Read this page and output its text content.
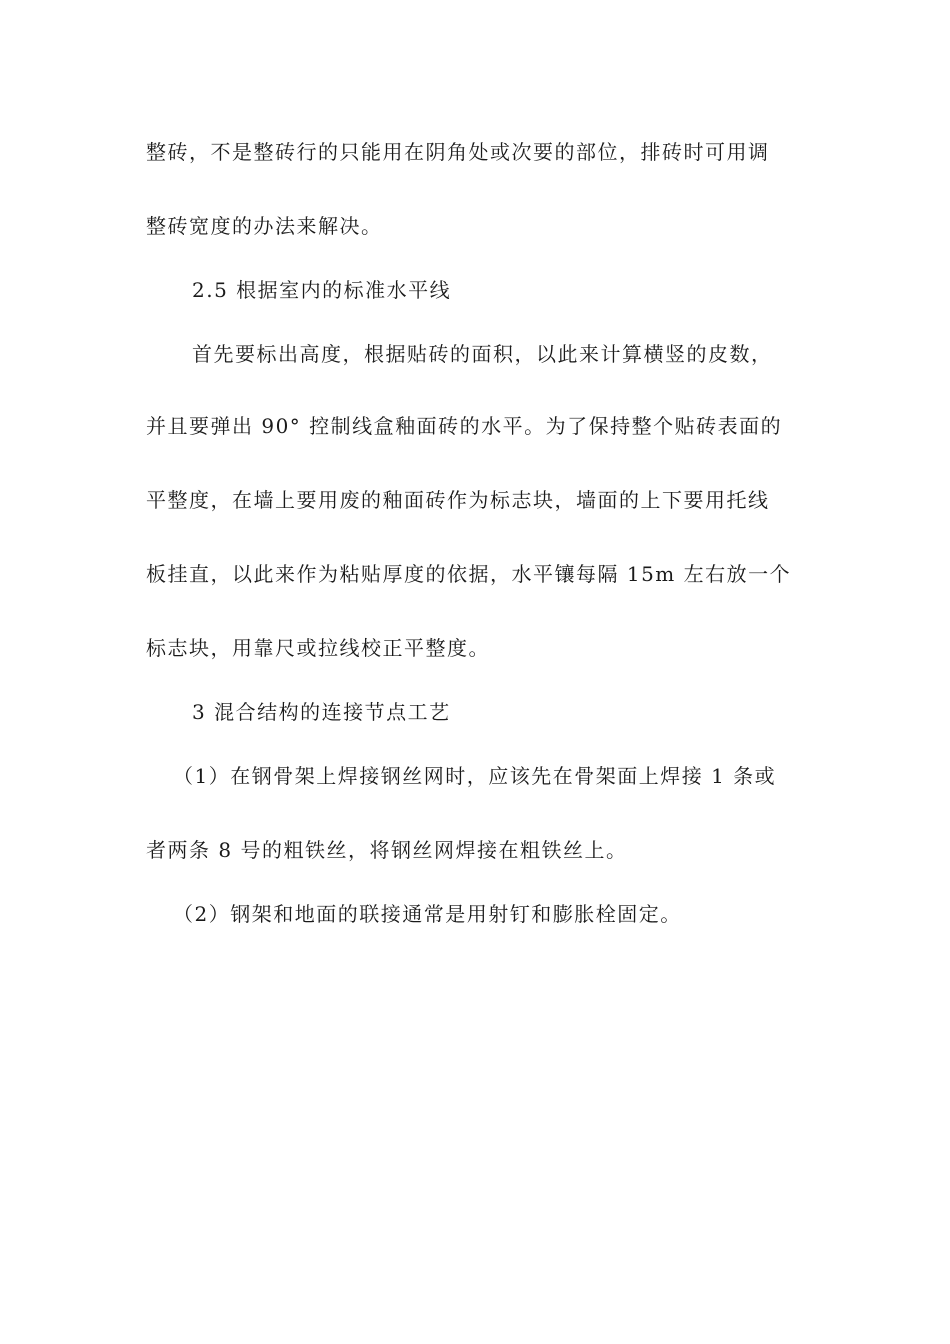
整砖，不是整砖行的只能用在阴角处或次要的部位，排砖时可用调
整砖宽度的办法来解决。
2.5 根据室内的标准水平线
首先要标出高度，根据贴砖的面积，以此来计算横竖的皮数，
并且要弹出 90° 控制线盒釉面砖的水平。为了保持整个贴砖表面的
平整度，在墙上要用废的釉面砖作为标志块，墙面的上下要用托线
板挂直，以此来作为粘贴厚度的依据，水平镶每隔 15m 左右放一个
标志块，用靠尺或拉线校正平整度。
3 混合结构的连接节点工艺
（1）在钢骨架上焊接钢丝网时，应该先在骨架面上焊接 1 条或
者两条 8 号的粗铁丝，将钢丝网焊接在粗铁丝上。
（2）钢架和地面的联接通常是用射钉和膨胀栓固定。
